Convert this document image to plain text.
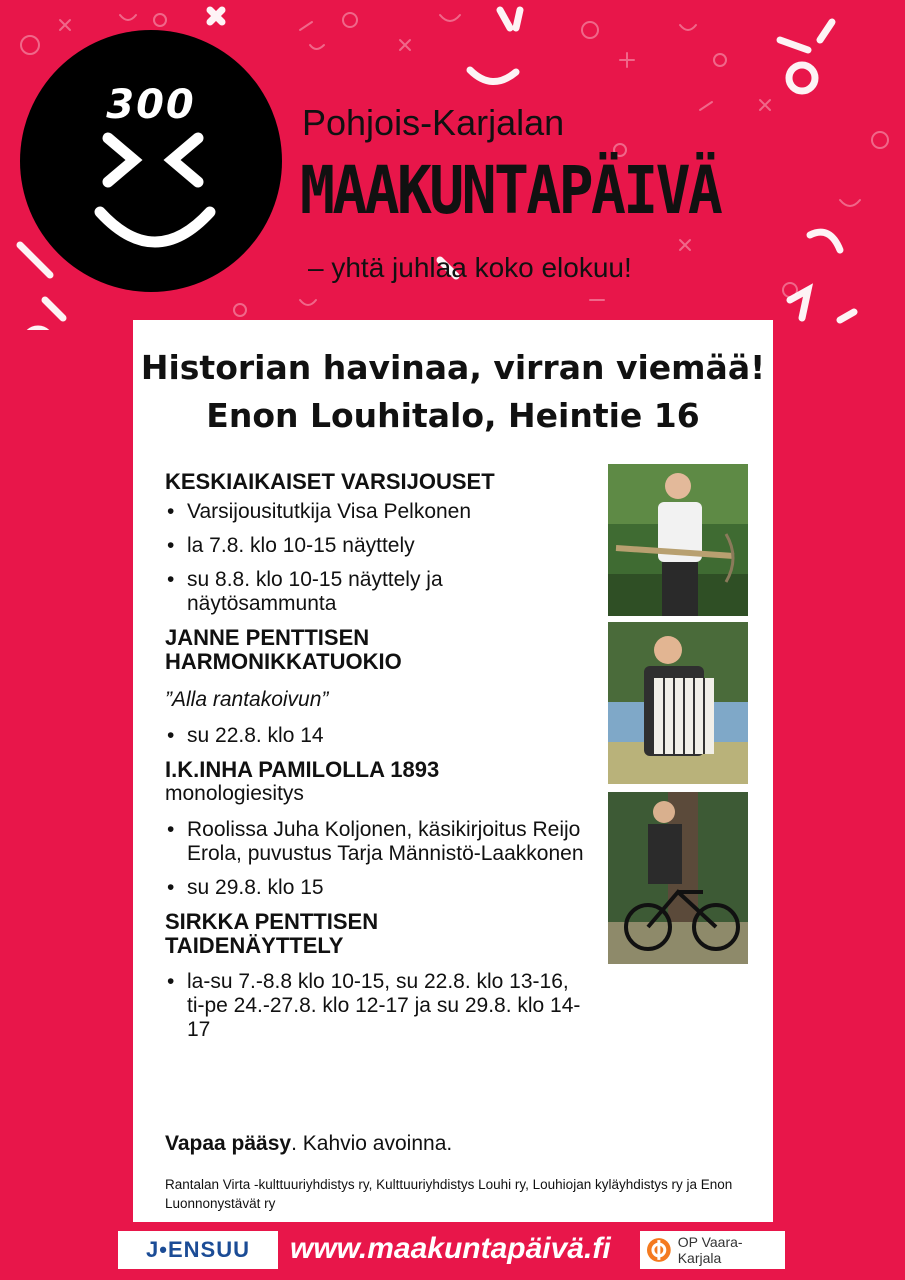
300	Pohjois-Karjalan
MAAKUNTAPÄIVÄ
– yhtä juhlaa koko elokuu!
Historian havinaa, virran viemää!
Enon Louhitalo, Heintie 16

KESKIAIKAISET VARSIJOUSET

• Varsijousitutkija Visa Pelkonen
• la 7.8. klo 10-15 näyttely
• su 8.8. klo 10-15 näyttely ja näytösammunta

JANNE PENTTISEN HARMONIKKATUOKIO

”Alla rantakoivun”

• su 22.8. klo 14

I.K.INHA PAMILOLLA 1893

monologiesitys

• Roolissa Juha Koljonen, käsikirjoitus Reijo Erola, puvustus Tarja Männistö-Laakkonen
• su 29.8. klo 15

SIRKKA PENTTISEN TAIDENÄYTTELY

• la-su 7.-8.8 klo 10-15, su 22.8. klo 13-16, ti-pe 24.-27.8. klo 12-17 ja su 29.8. klo 14-17
Vapaa pääsy. Kahvio avoinna.
Rantalan Virta -kulttuuriyhdistys ry, Kulttuuriyhdistys Louhi ry, Louhiojan kyläyhdistys ry ja Enon Luonnonystävät ry
J•ENSUU	www.maakuntapäivä.fi	OP Vaara-Karjala
